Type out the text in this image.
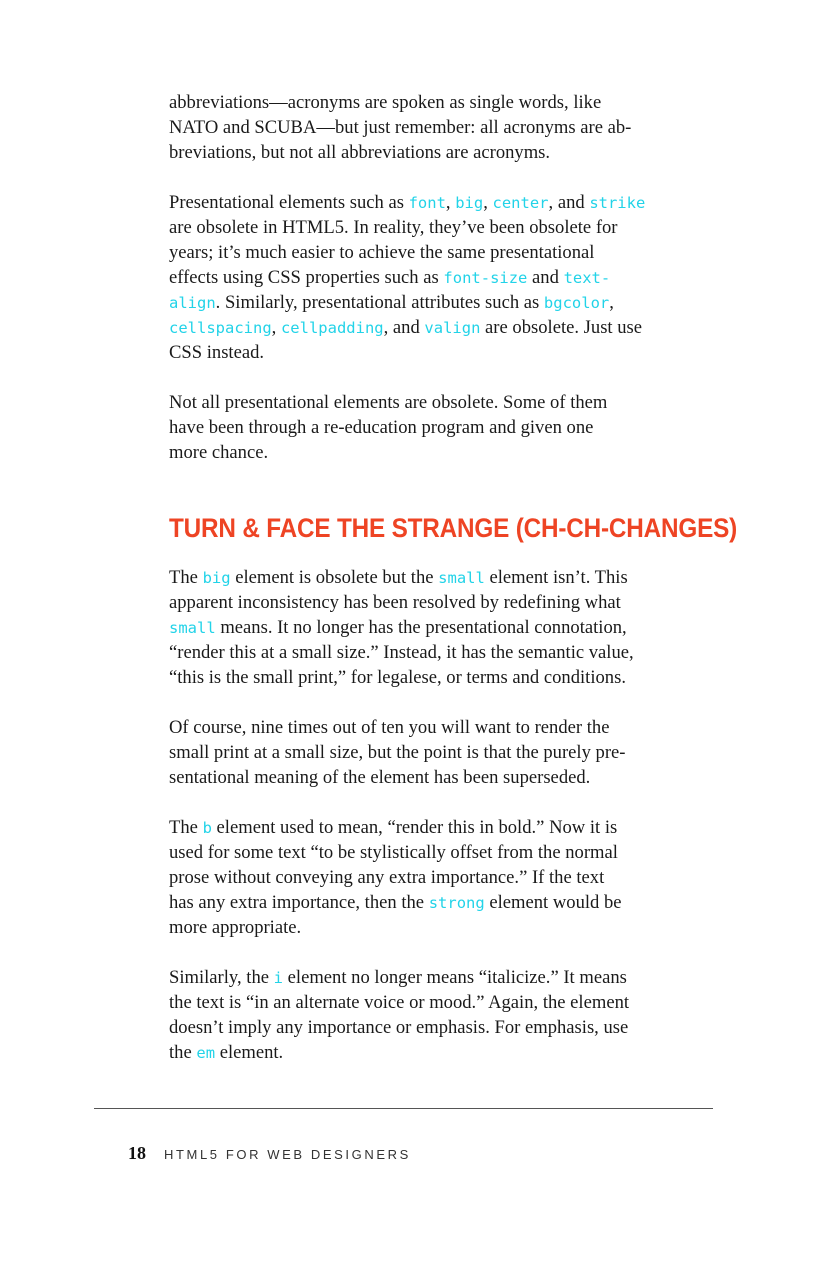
abbreviations—acronyms are spoken as single words, like
NATO and SCUBA—but just remember: all acronyms are ab-
breviations, but not all abbreviations are acronyms.

Presentational elements such as font, big, center, and strike
are obsolete in HTML5. In reality, they’ve been obsolete for
years; it’s much easier to achieve the same presentational
effects using CSS properties such as font-size and text-
align. Similarly, presentational attributes such as bgcolor,
cellspacing, cellpadding, and valign are obsolete. Just use
CSS instead.

Not all presentational elements are obsolete. Some of them
have been through a re-education program and given one
more chance.

TURN & FACE THE STRANGE (CH-CH-CHANGES)

The big element is obsolete but the small element isn’t. This
apparent inconsistency has been resolved by redefining what
small means. It no longer has the presentational connotation,
“render this at a small size.” Instead, it has the semantic value,
“this is the small print,” for legalese, or terms and conditions.

Of course, nine times out of ten you will want to render the
small print at a small size, but the point is that the purely pre-
sentational meaning of the element has been superseded.

The b element used to mean, “render this in bold.” Now it is
used for some text “to be stylistically offset from the normal
prose without conveying any extra importance.” If the text
has any extra importance, then the strong element would be
more appropriate.

Similarly, the i element no longer means “italicize.” It means
the text is “in an alternate voice or mood.” Again, the element
doesn’t imply any importance or emphasis. For emphasis, use
the em element.

18 HTML5 FOR WEB DESIGNERS
